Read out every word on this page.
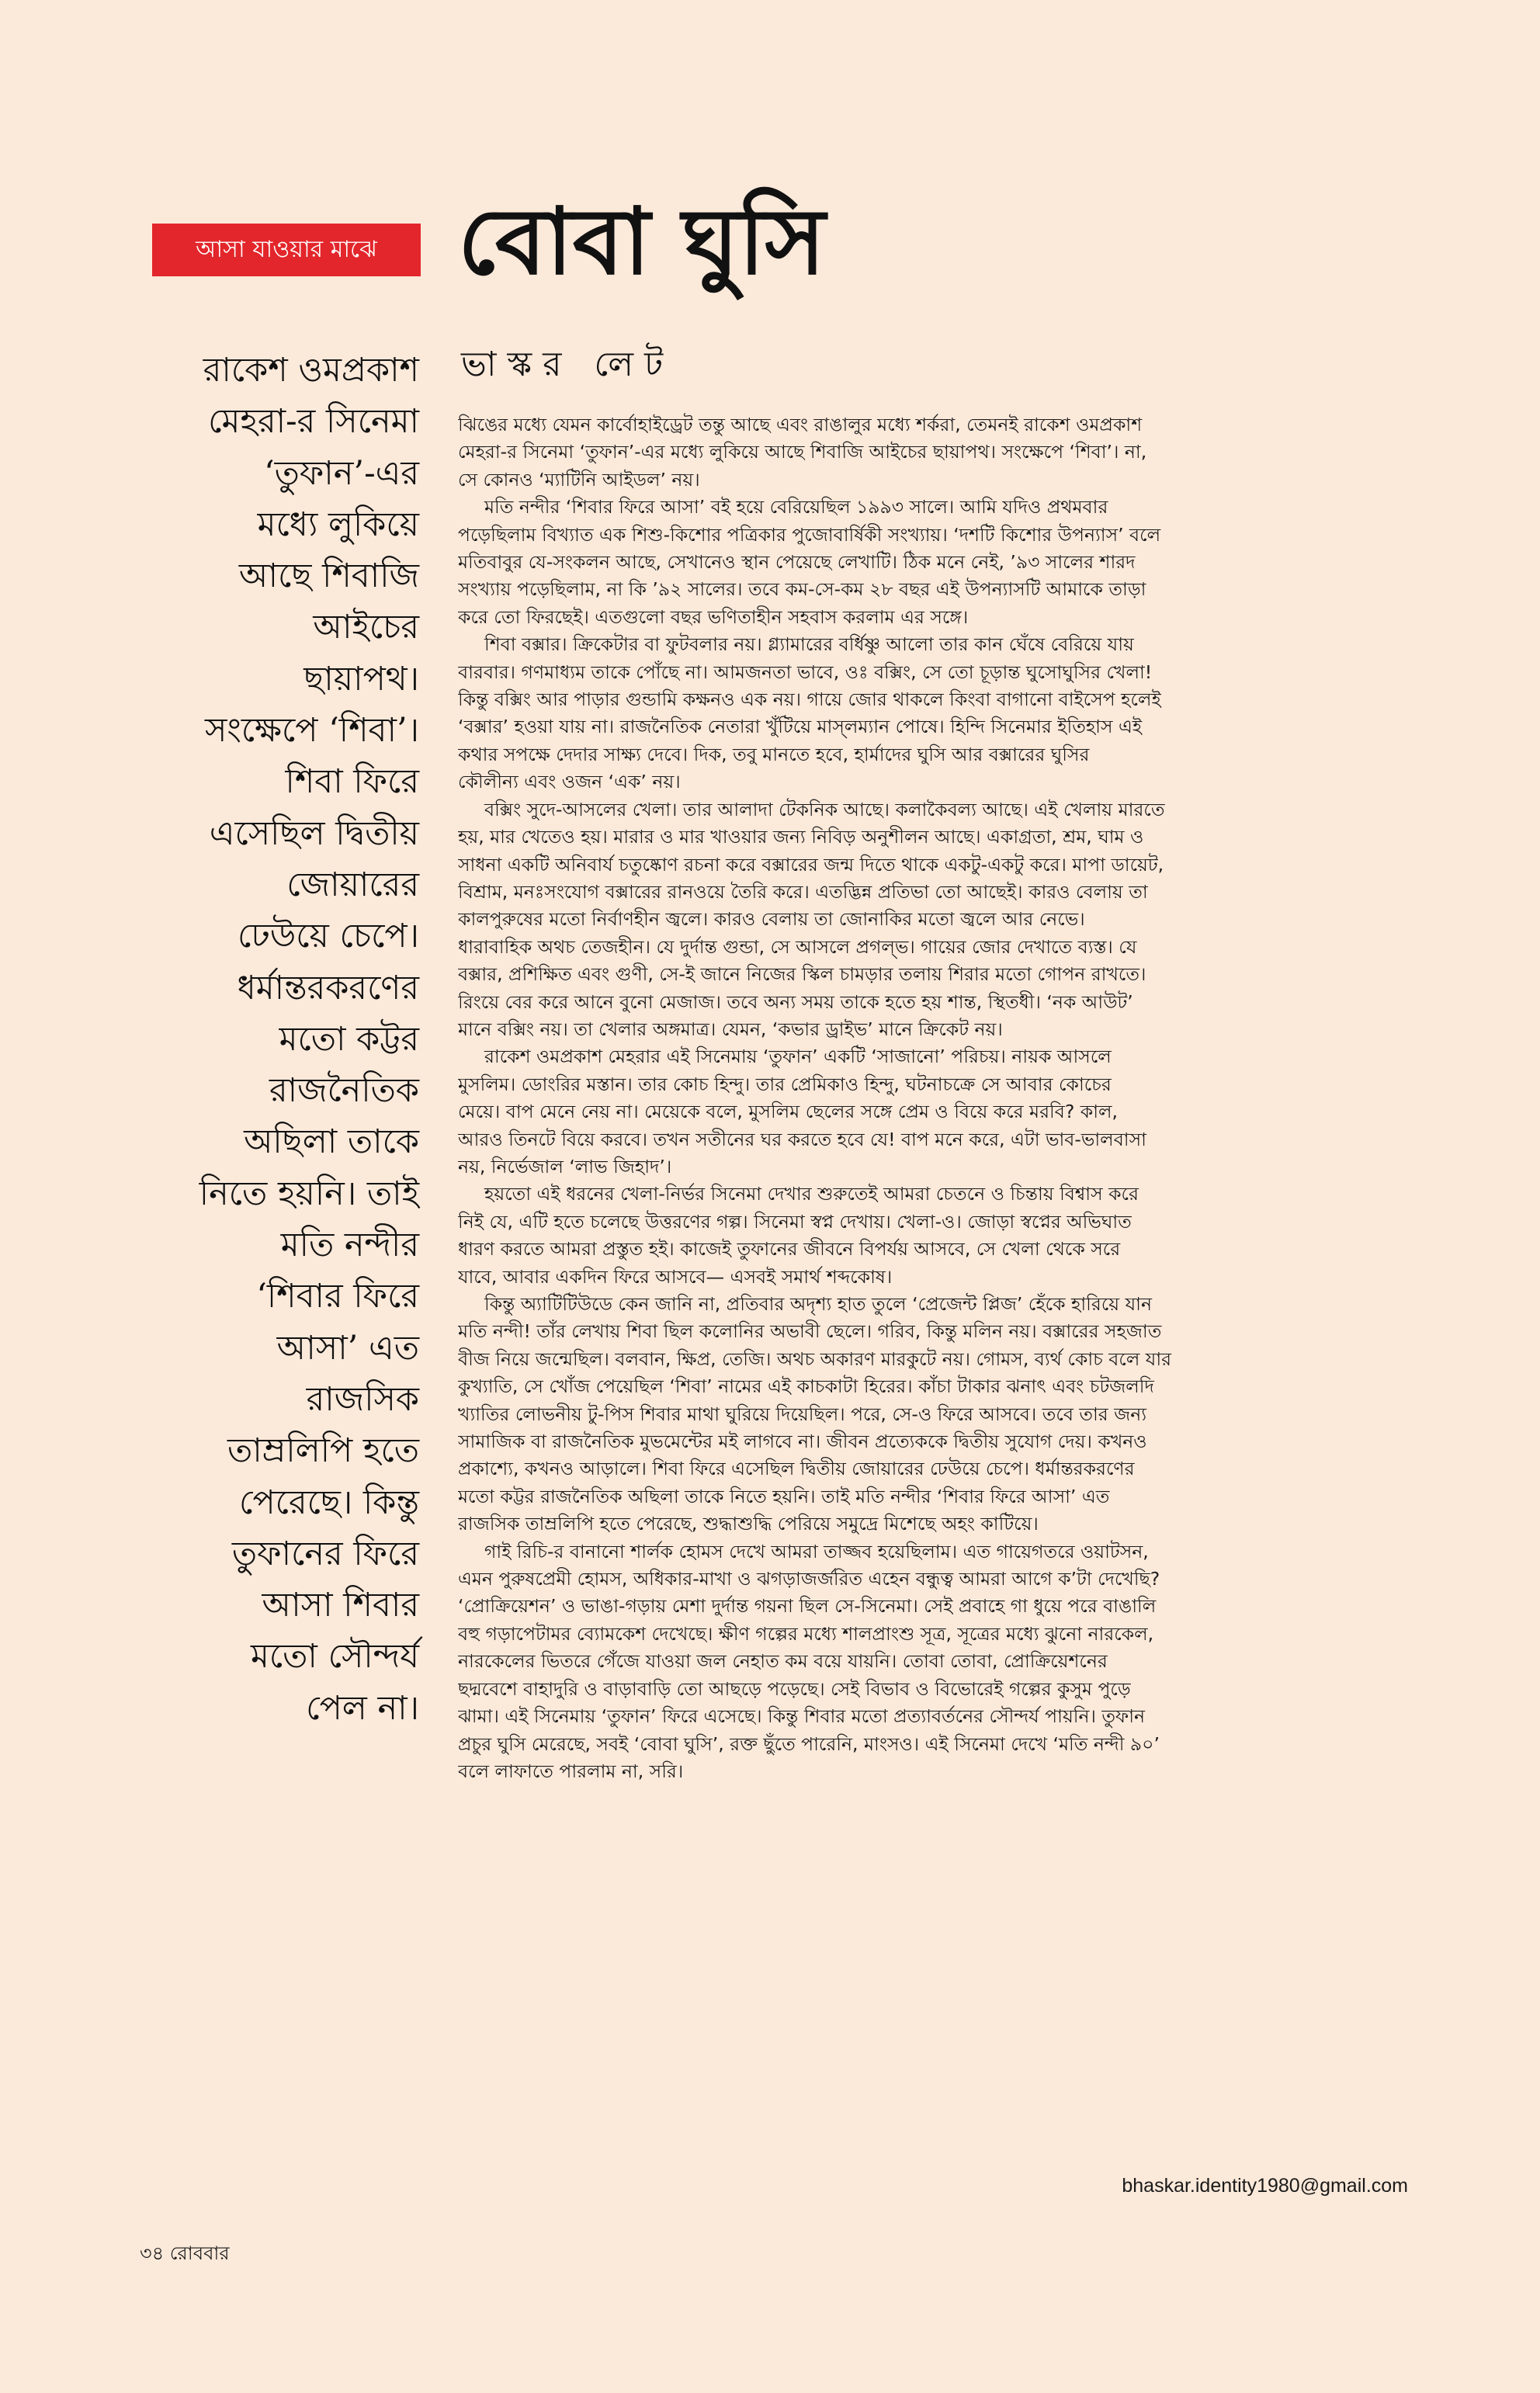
আসা যাওয়ার মাঝে বোবা ঘুসি
ভাস্কর লেট
রাকেশ ওমপ্রকাশ
মেহরা-র সিনেমা
‘তুফান’-এর
মধ্যে লুকিয়ে
আছে শিবাজি
আইচের
ছায়াপথ।
সংক্ষেপে ‘শিবা’।
শিবা ফিরে
এসেছিল দ্বিতীয়
জোয়ারের
ঢেউয়ে চেপে।
ধর্মান্তরকরণের
মতো কট্টর
রাজনৈতিক
অছিলা তাকে
নিতে হয়নি। তাই
মতি নন্দীর
‘শিবার ফিরে
আসা’ এত
রাজসিক
তাম্রলিপি হতে
পেরেছে। কিন্তু
তুফানের ফিরে
আসা শিবার
মতো সৌন্দর্য
পেল না।
ঝিঙের মধ্যে যেমন কার্বোহাইড্রেট তন্তু আছে এবং রাঙালুর মধ্যে শর্করা, তেমনই রাকেশ ওমপ্রকাশ
মেহরা-র সিনেমা ‘তুফান’-এর মধ্যে লুকিয়ে আছে শিবাজি আইচের ছায়াপথ। সংক্ষেপে ‘শিবা’। না,
সে কোনও ‘ম্যাটিনি আইডল’ নয়।
মতি নন্দীর ‘শিবার ফিরে আসা’ বই হয়ে বেরিয়েছিল ১৯৯৩ সালে। আমি যদিও প্রথমবার
পড়েছিলাম বিখ্যাত এক শিশু-কিশোর পত্রিকার পুজোবার্ষিকী সংখ্যায়। ‘দশটি কিশোর উপন্যাস’ বলে
মতিবাবুর যে-সংকলন আছে, সেখানেও স্থান পেয়েছে লেখাটি। ঠিক মনে নেই, ’৯৩ সালের শারদ
সংখ্যায় পড়েছিলাম, না কি ’৯২ সালের। তবে কম-সে-কম ২৮ বছর এই উপন্যাসটি আমাকে তাড়া
করে তো ফিরছেই। এতগুলো বছর ভণিতাহীন সহবাস করলাম এর সঙ্গে।
শিবা বক্সার। ক্রিকেটার বা ফুটবলার নয়। গ্ল্যামারের বর্ধিষ্ণু আলো তার কান ঘেঁষে বেরিয়ে যায়
বারবার। গণমাধ্যম তাকে পোঁছে না। আমজনতা ভাবে, ওঃ বক্সিং, সে তো চূড়ান্ত ঘুসোঘুসির খেলা!
কিন্তু বক্সিং আর পাড়ার গুন্ডামি কক্ষনও এক নয়। গায়ে জোর থাকলে কিংবা বাগানো বাইসেপ হলেই
‘বক্সার’ হওয়া যায় না। রাজনৈতিক নেতারা খুঁটিয়ে মাস্‌লম্যান পোষে। হিন্দি সিনেমার ইতিহাস এই
কথার সপক্ষে দেদার সাক্ষ্য দেবে। দিক, তবু মানতে হবে, হার্মাদের ঘুসি আর বক্সারের ঘুসির
কৌলীন্য এবং ওজন ‘এক’ নয়।
বক্সিং সুদে-আসলের খেলা। তার আলাদা টেকনিক আছে। কলাকৈবল্য আছে। এই খেলায় মারতে
হয়, মার খেতেও হয়। মারার ও মার খাওয়ার জন্য নিবিড় অনুশীলন আছে। একাগ্রতা, শ্রম, ঘাম ও
সাধনা একটি অনিবার্য চতুষ্কোণ রচনা করে বক্সারের জন্ম দিতে থাকে একটু-একটু করে। মাপা ডায়েট,
বিশ্রাম, মনঃসংযোগ বক্সারের রানওয়ে তৈরি করে। এতদ্ভিন্ন প্রতিভা তো আছেই। কারও বেলায় তা
কালপুরুষের মতো নির্বাণহীন জ্বলে। কারও বেলায় তা জোনাকির মতো জ্বলে আর নেভে।
ধারাবাহিক অথচ তেজহীন। যে দুর্দান্ত গুন্ডা, সে আসলে প্রগল্‌ভ। গায়ের জোর দেখাতে ব্যস্ত। যে
বক্সার, প্রশিক্ষিত এবং গুণী, সে-ই জানে নিজের স্কিল চামড়ার তলায় শিরার মতো গোপন রাখতে।
রিংয়ে বের করে আনে বুনো মেজাজ। তবে অন্য সময় তাকে হতে হয় শান্ত, স্থিতধী। ‘নক আউট’
মানে বক্সিং নয়। তা খেলার অঙ্গমাত্র। যেমন, ‘কভার ড্রাইভ’ মানে ক্রিকেট নয়।
রাকেশ ওমপ্রকাশ মেহরার এই সিনেমায় ‘তুফান’ একটি ‘সাজানো’ পরিচয়। নায়ক আসলে
মুসলিম। ডোংরির মস্তান। তার কোচ হিন্দু। তার প্রেমিকাও হিন্দু, ঘটনাচক্রে সে আবার কোচের
মেয়ে। বাপ মেনে নেয় না। মেয়েকে বলে, মুসলিম ছেলের সঙ্গে প্রেম ও বিয়ে করে মরবি? কাল,
আরও তিনটে বিয়ে করবে। তখন সতীনের ঘর করতে হবে যে! বাপ মনে করে, এটা ভাব-ভালবাসা
নয়, নির্ভেজাল ‘লাভ জিহাদ’।
হয়তো এই ধরনের খেলা-নির্ভর সিনেমা দেখার শুরুতেই আমরা চেতনে ও চিন্তায় বিশ্বাস করে
নিই যে, এটি হতে চলেছে উত্তরণের গল্প। সিনেমা স্বপ্ন দেখায়। খেলা-ও। জোড়া স্বপ্নের অভিঘাত
ধারণ করতে আমরা প্রস্তুত হই। কাজেই তুফানের জীবনে বিপর্যয় আসবে, সে খেলা থেকে সরে
যাবে, আবার একদিন ফিরে আসবে— এসবই সমার্থ শব্দকোষ।
কিন্তু অ্যাটিটিউডে কেন জানি না, প্রতিবার অদৃশ্য হাত তুলে ‘প্রেজেন্ট প্লিজ’ হেঁকে হারিয়ে যান
মতি নন্দী! তাঁর লেখায় শিবা ছিল কলোনির অভাবী ছেলে। গরিব, কিন্তু মলিন নয়। বক্সারের সহজাত
বীজ নিয়ে জন্মেছিল। বলবান, ক্ষিপ্র, তেজি। অথচ অকারণ মারকুটে নয়। গোমস, ব্যর্থ কোচ বলে যার
কুখ্যাতি, সে খোঁজ পেয়েছিল ‘শিবা’ নামের এই কাচকাটা হিরের। কাঁচা টাকার ঝনাৎ এবং চটজলদি
খ্যাতির লোভনীয় টু-পিস শিবার মাথা ঘুরিয়ে দিয়েছিল। পরে, সে-ও ফিরে আসবে। তবে তার জন্য
সামাজিক বা রাজনৈতিক মুভমেন্টের মই লাগবে না। জীবন প্রত্যেককে দ্বিতীয় সুযোগ দেয়। কখনও
প্রকাশ্যে, কখনও আড়ালে। শিবা ফিরে এসেছিল দ্বিতীয় জোয়ারের ঢেউয়ে চেপে। ধর্মান্তরকরণের
মতো কট্টর রাজনৈতিক অছিলা তাকে নিতে হয়নি। তাই মতি নন্দীর ‘শিবার ফিরে আসা’ এত
রাজসিক তাম্রলিপি হতে পেরেছে, শুদ্ধাশুদ্ধি পেরিয়ে সমুদ্রে মিশেছে অহং কাটিয়ে।
গাই রিচি-র বানানো শার্লক হোমস দেখে আমরা তাজ্জব হয়েছিলাম। এত গায়েগতরে ওয়াটসন,
এমন পুরুষপ্রেমী হোমস, অধিকার-মাখা ও ঝগড়াজর্জরিত এহেন বন্ধুত্ব আমরা আগে ক’টা দেখেছি?
‘প্রোক্রিয়েশন’ ও ভাঙা-গড়ায় মেশা দুর্দান্ত গয়না ছিল সে-সিনেমা। সেই প্রবাহে গা ধুয়ে পরে বাঙালি
বহু গড়াপেটামর ব্যোমকেশ দেখেছে। ক্ষীণ গল্পের মধ্যে শালপ্রাংশু সূত্র, সূত্রের মধ্যে ঝুনো নারকেল,
নারকেলের ভিতরে গেঁজে যাওয়া জল নেহাত কম বয়ে যায়নি। তোবা তোবা, প্রোক্রিয়েশনের
ছদ্মবেশে বাহাদুরি ও বাড়াবাড়ি তো আছড়ে পড়েছে। সেই বিভাব ও বিভোরেই গল্পের কুসুম পুড়ে
ঝামা। এই সিনেমায় ‘তুফান’ ফিরে এসেছে। কিন্তু শিবার মতো প্রত্যাবর্তনের সৌন্দর্য পায়নি। তুফান
প্রচুর ঘুসি মেরেছে, সবই ‘বোবা ঘুসি’, রক্ত ছুঁতে পারেনি, মাংসও। এই সিনেমা দেখে ‘মতি নন্দী ৯০’
বলে লাফাতে পারলাম না, সরি।
bhaskar.identity1980@gmail.com
৩৪ রোববার
